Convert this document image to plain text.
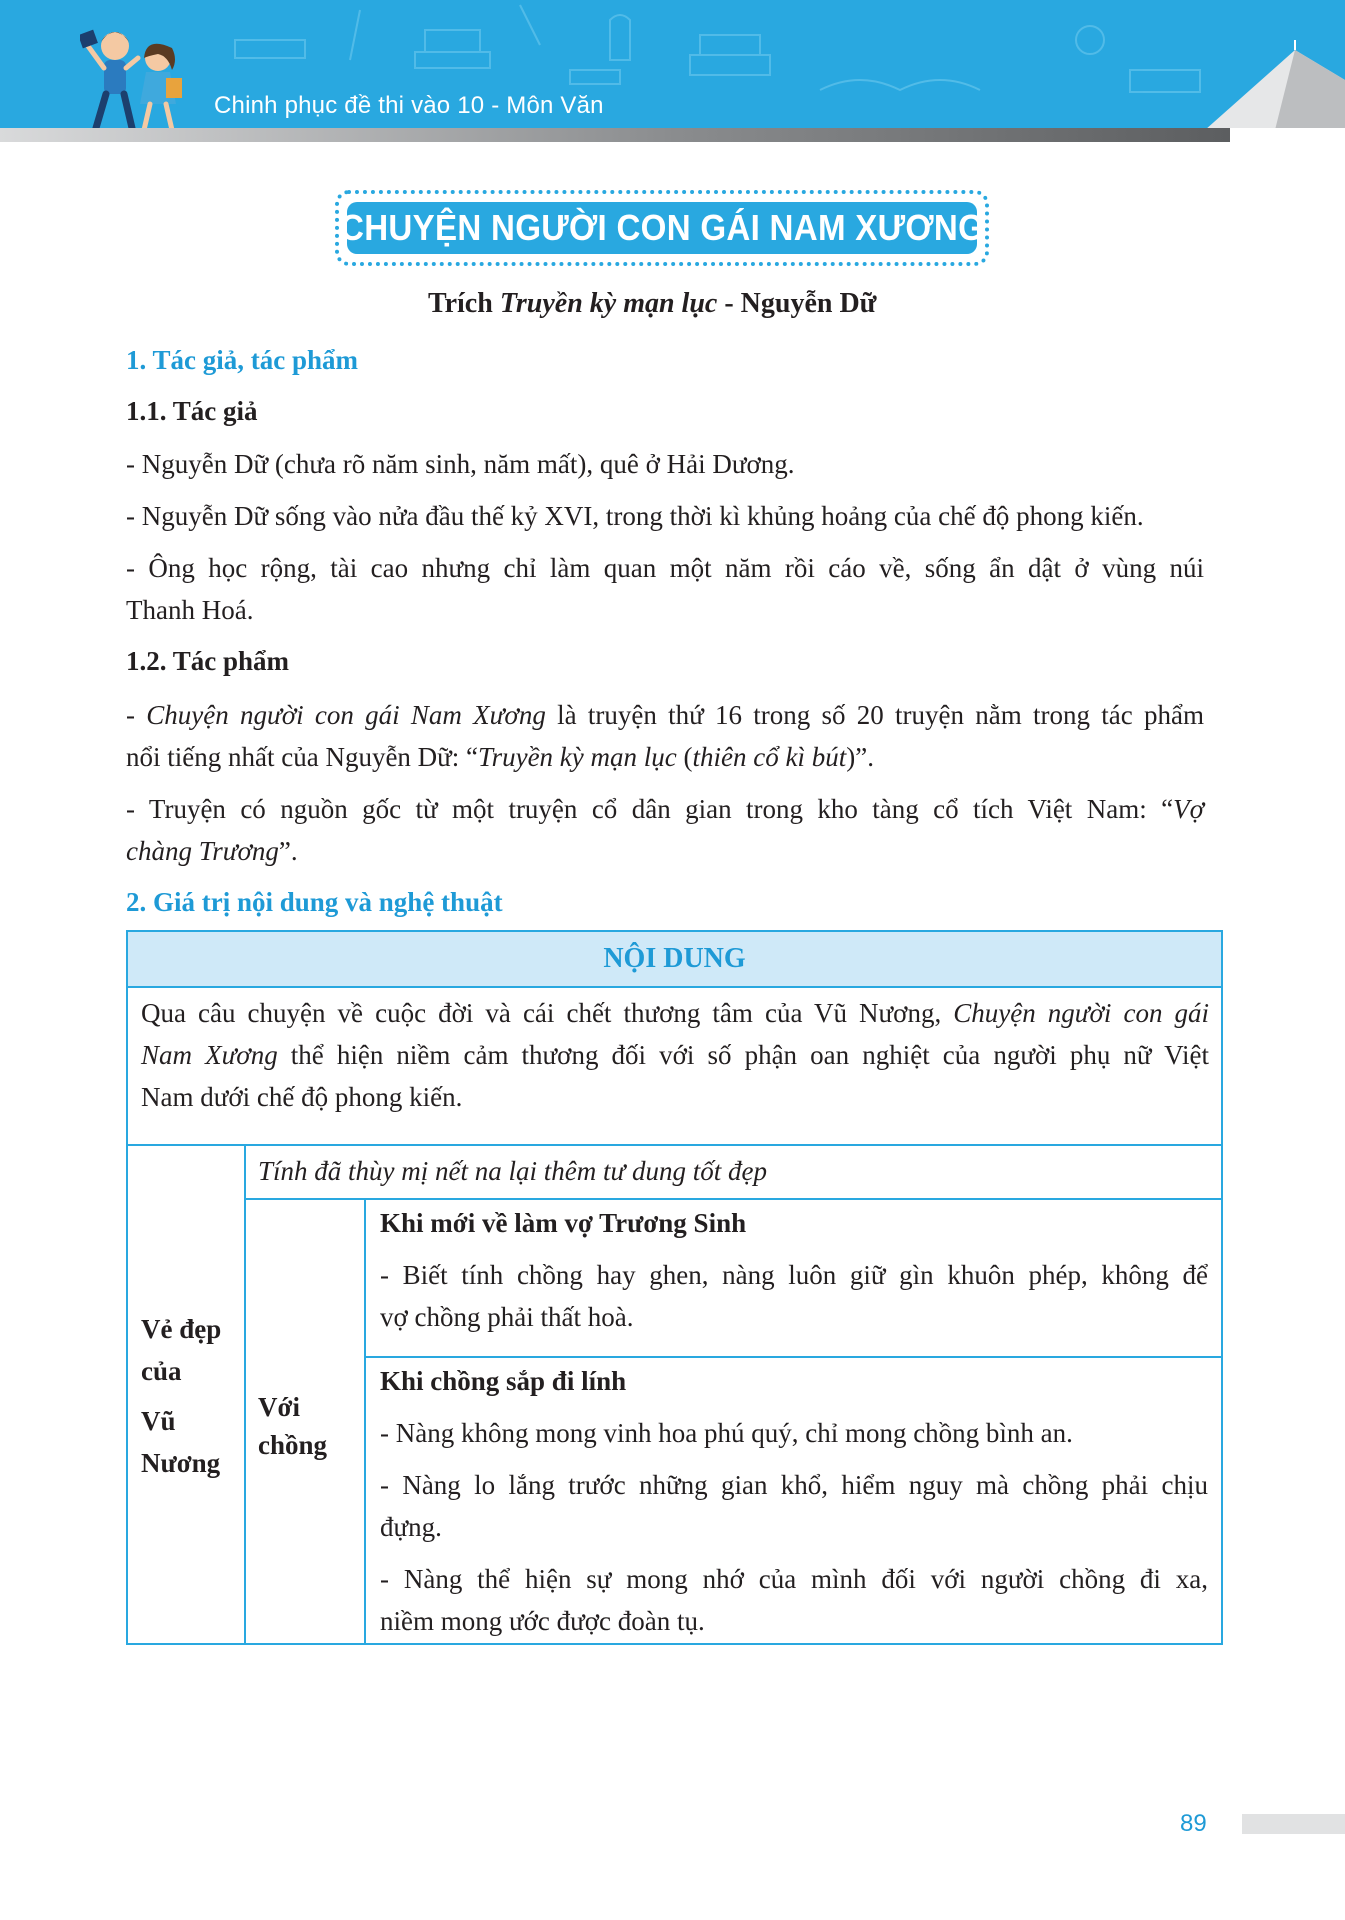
Chinh phục đề thi vào 10 - Môn Văn
CHUYỆN NGƯỜI CON GÁI NAM XƯƠNG
Trích Truyền kỳ mạn lục - Nguyễn Dữ
1. Tác giả, tác phẩm
1.1. Tác giả
- Nguyễn Dữ (chưa rõ năm sinh, năm mất), quê ở Hải Dương.
- Nguyễn Dữ sống vào nửa đầu thế kỷ XVI, trong thời kì khủng hoảng của chế độ phong kiến.
- Ông học rộng, tài cao nhưng chỉ làm quan một năm rồi cáo về, sống ẩn dật ở vùng núi
Thanh Hoá.
1.2. Tác phẩm
- Chuyện người con gái Nam Xương là truyện thứ 16 trong số 20 truyện nằm trong tác phẩm
nổi tiếng nhất của Nguyễn Dữ: “Truyền kỳ mạn lục (thiên cổ kì bút)”.
- Truyện có nguồn gốc từ một truyện cổ dân gian trong kho tàng cổ tích Việt Nam: “Vợ
chàng Trương”.
2. Giá trị nội dung và nghệ thuật
NỘI DUNG
Qua câu chuyện về cuộc đời và cái chết thương tâm của Vũ Nương, Chuyện người con gái
Nam Xương thể hiện niềm cảm thương đối với số phận oan nghiệt của người phụ nữ Việt
Nam dưới chế độ phong kiến.
Vẻ đẹp
của
Vũ
Nương
Tính đã thùy mị nết na lại thêm tư dung tốt đẹp
Với
chồng
Khi mới về làm vợ Trương Sinh
- Biết tính chồng hay ghen, nàng luôn giữ gìn khuôn phép, không để
vợ chồng phải thất hoà.
Khi chồng sắp đi lính
- Nàng không mong vinh hoa phú quý, chỉ mong chồng bình an.
- Nàng lo lắng trước những gian khổ, hiểm nguy mà chồng phải chịu
đựng.
- Nàng thể hiện sự mong nhớ của mình đối với người chồng đi xa,
niềm mong ước được đoàn tụ.
89
